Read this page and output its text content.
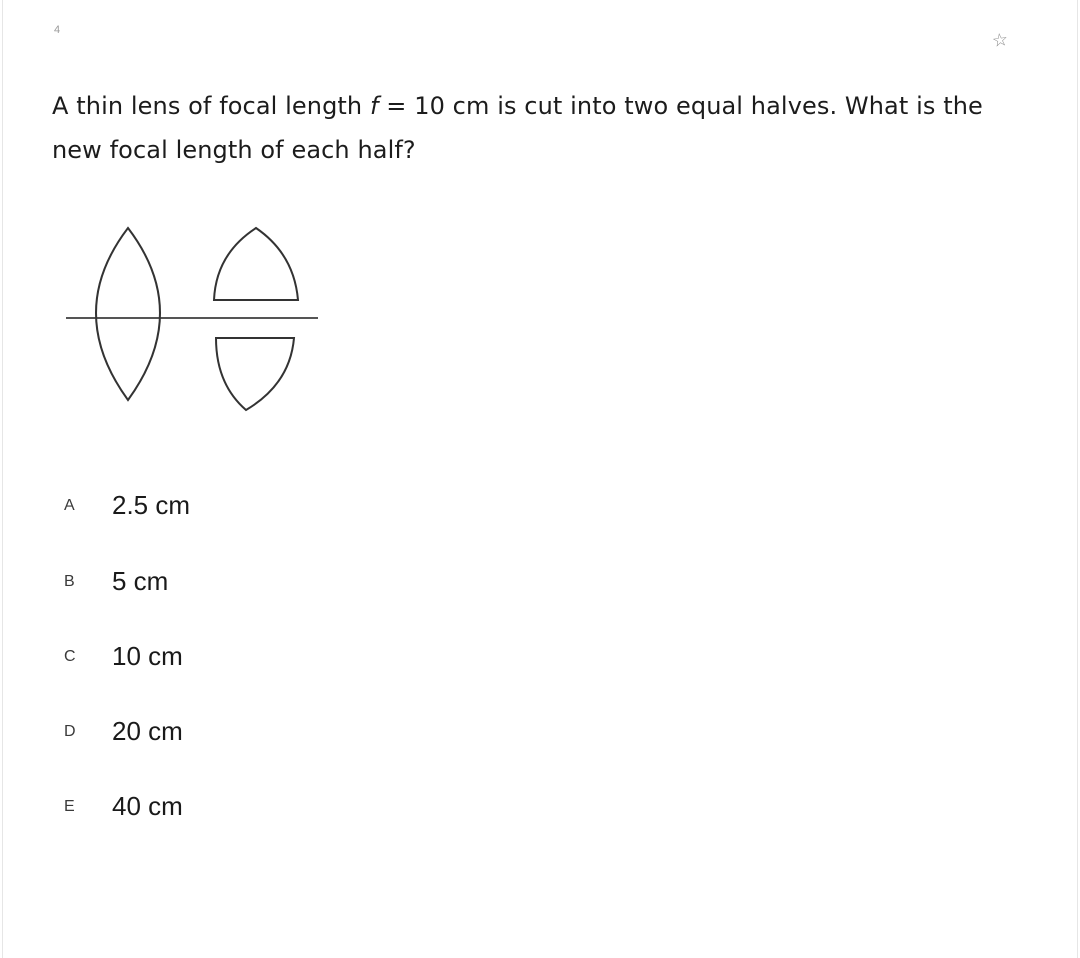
4	☆
A thin lens of focal length f = 10 cm is cut into two equal halves. What is the new focal length of each half?
A 2.5 cm
B 5 cm
C 10 cm
D 20 cm
E 40 cm
